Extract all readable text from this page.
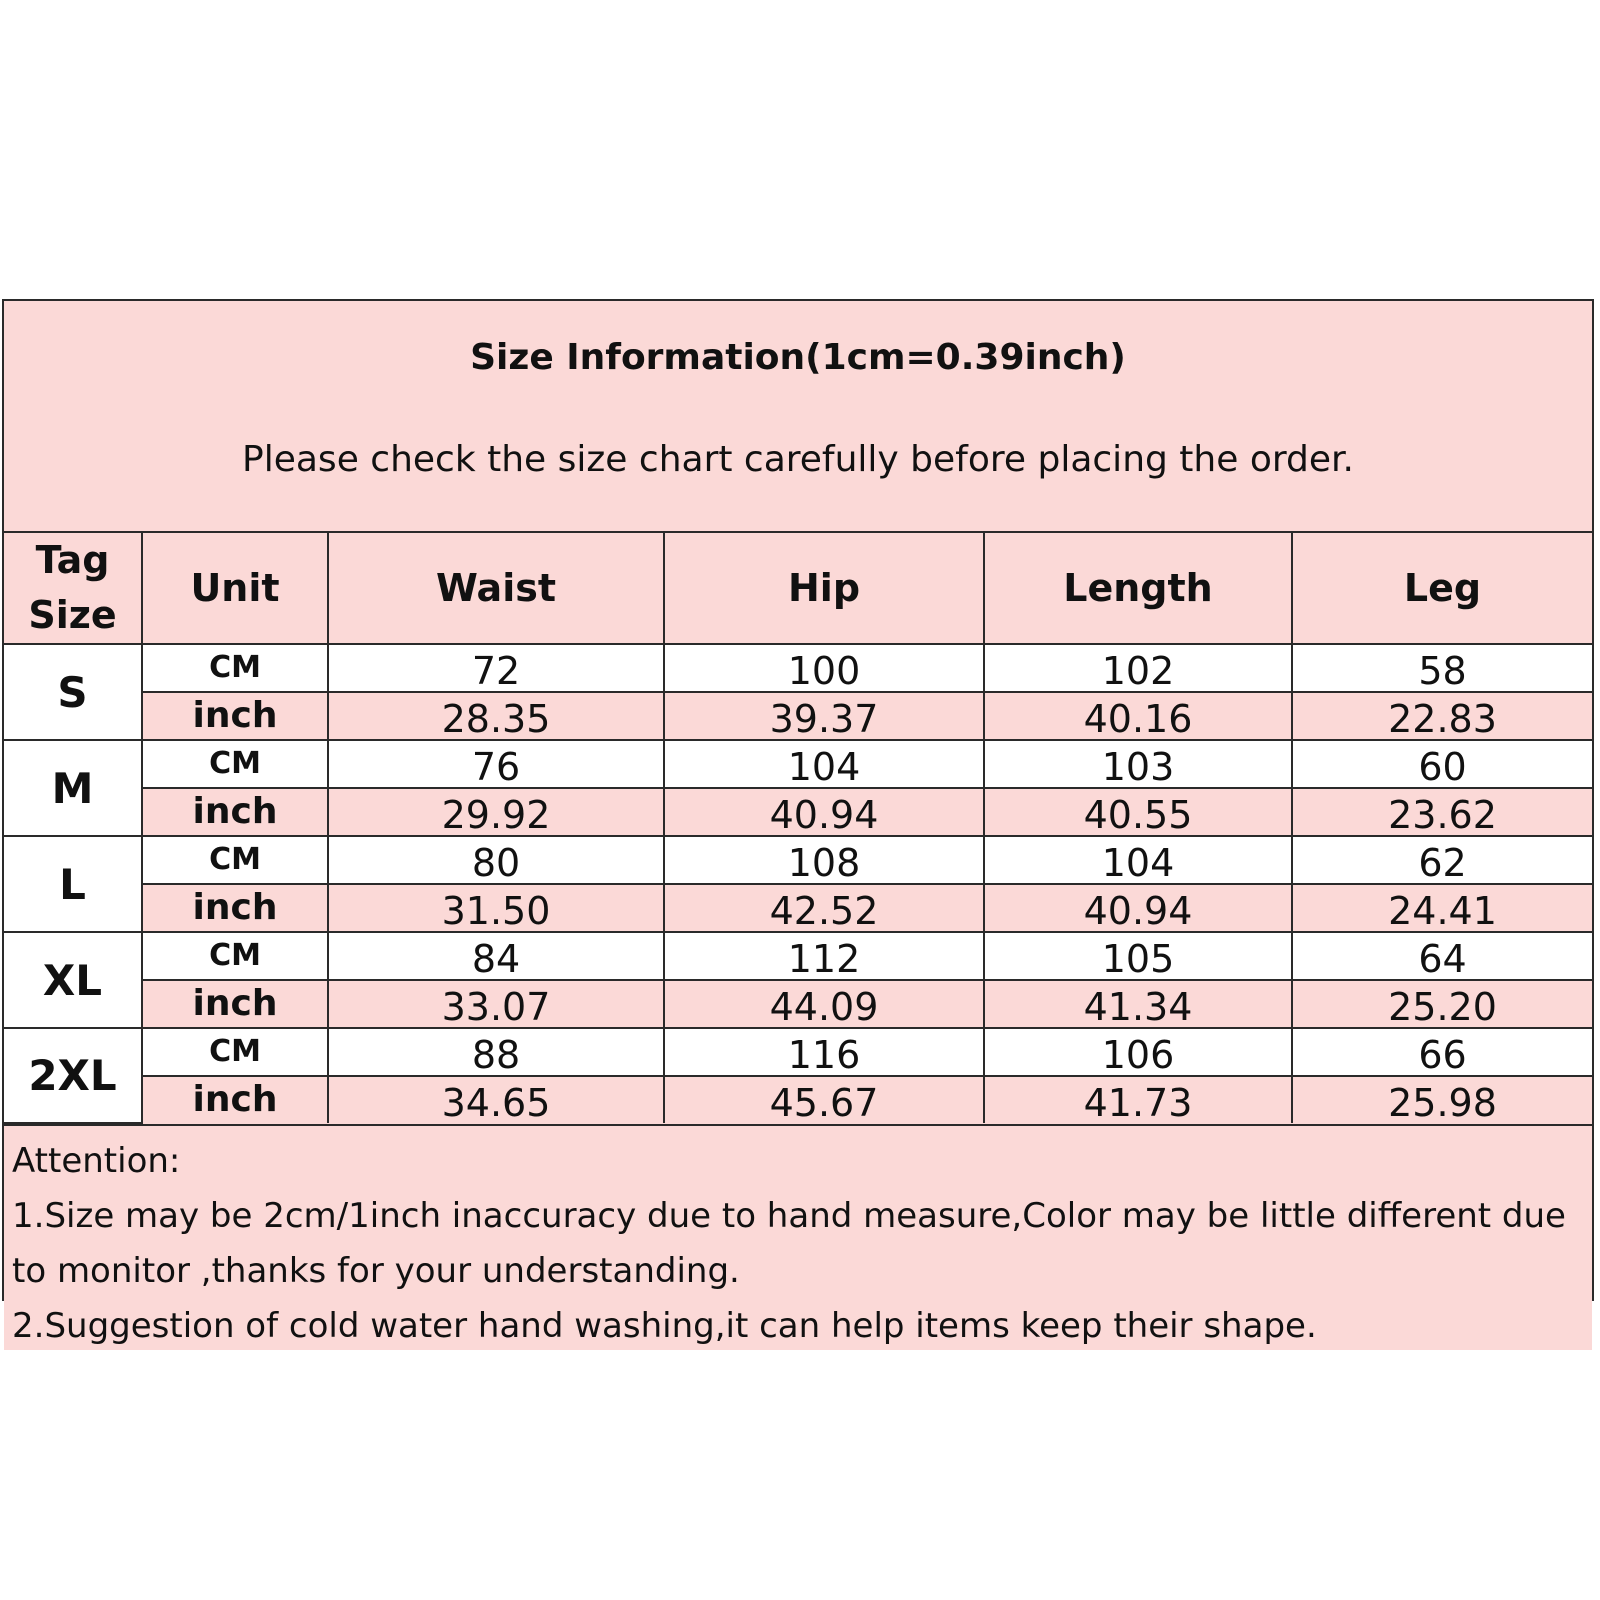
Size Information(1cm=0.39inch)
Please check the size chart carefully before placing the order.
Tag
Size	Unit	Waist	Hip	Length	Leg
S	CM	72	100	102	58
	inch	28.35	39.37	40.16	22.83
M	CM	76	104	103	60
	inch	29.92	40.94	40.55	23.62
L	CM	80	108	104	62
	inch	31.50	42.52	40.94	24.41
XL	CM	84	112	105	64
	inch	33.07	44.09	41.34	25.20
2XL	CM	88	116	106	66
	inch	34.65	45.67	41.73	25.98
Attention:
1.Size may be 2cm/1inch inaccuracy due to hand measure,Color may be little different due to monitor ,thanks for your understanding.
2.Suggestion of cold water hand washing,it can help items keep their shape.
